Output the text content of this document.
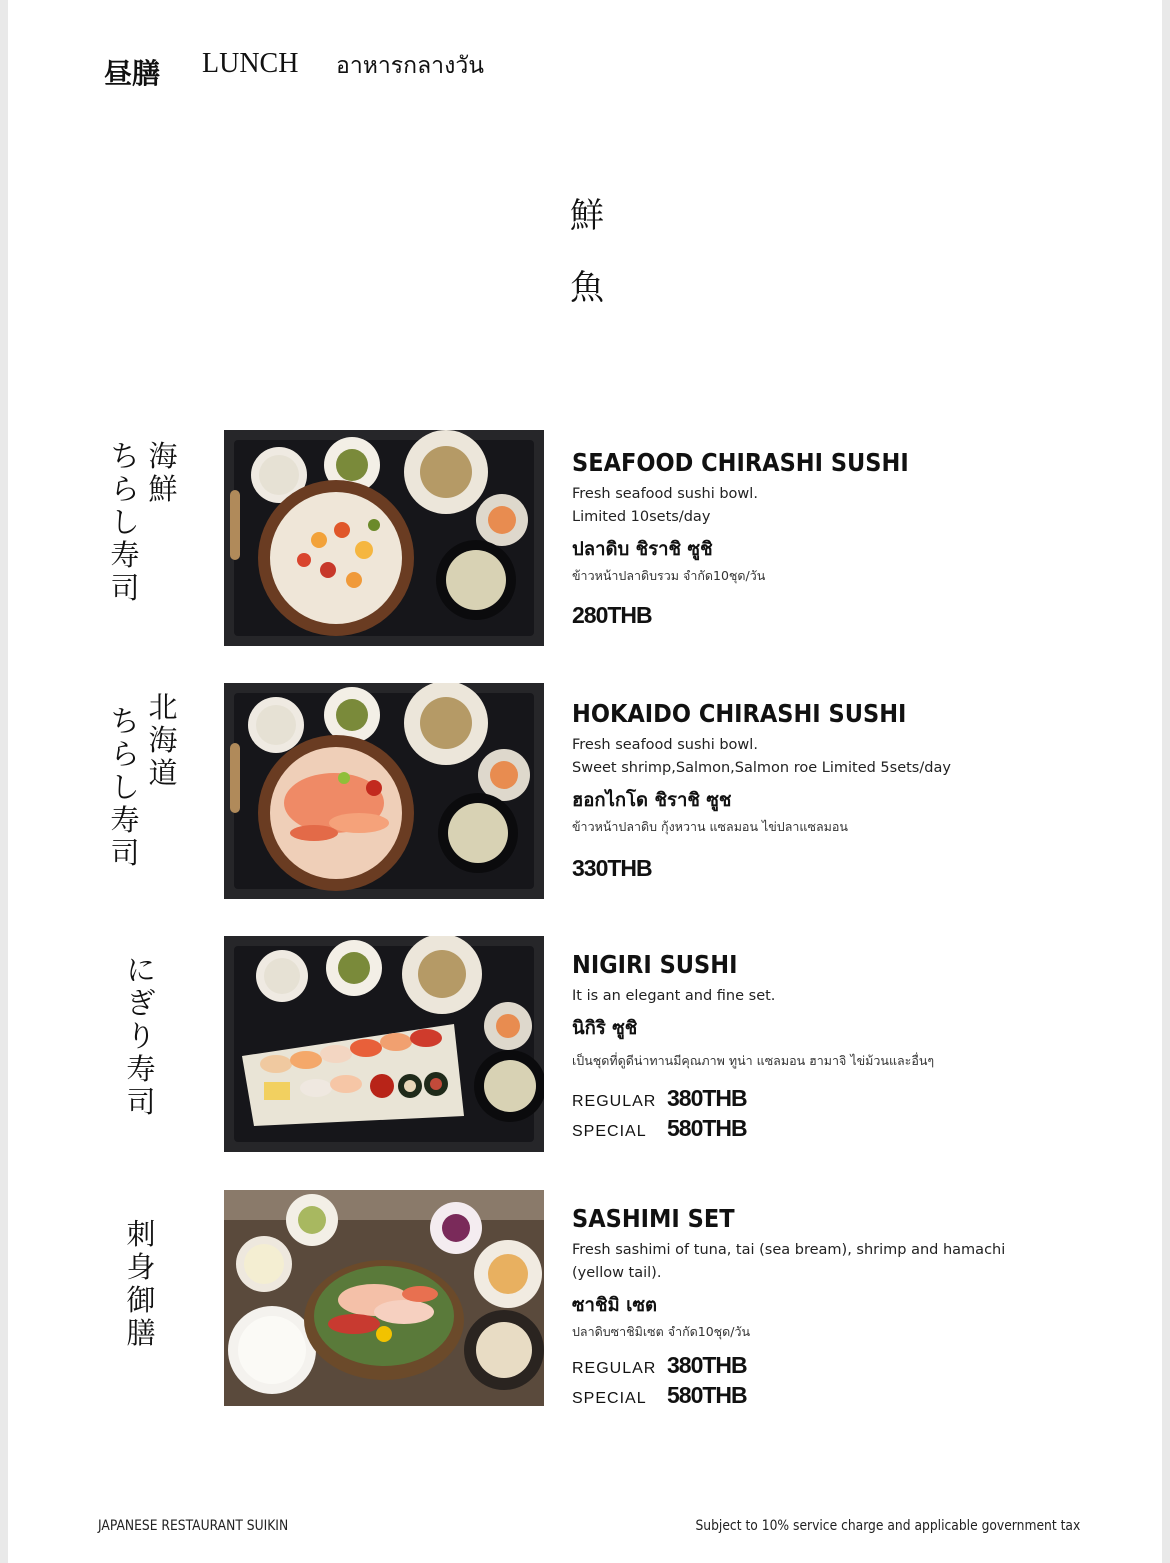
昼膳 LUNCH อาหารกลางวัน
鮮
魚
海
鮮
ち
ら
し
寿
司
SEAFOOD CHIRASHI SUSHI
Fresh seafood sushi bowl.
Limited 10sets/day
ปลาดิบ ชิราชิ ซูชิ
ข้าวหน้าปลาดิบรวม จำกัด10ชุด/วัน
280THB
北
海
道
ち
ら
し
寿
司
HOKAIDO CHIRASHI SUSHI
Fresh seafood sushi bowl.
Sweet shrimp,Salmon,Salmon roe Limited 5sets/day
ฮอกไกโด ชิราชิ ซูช
ข้าวหน้าปลาดิบ กุ้งหวาน แซลมอน ไข่ปลาแซลมอน
330THB
に
ぎ
り
寿
司
NIGIRI SUSHI
It is an elegant and fine set.
นิกิริ ซูชิ
เป็นชุดที่ดูดีน่าทานมีคุณภาพ ทูน่า แซลมอน ฮามาจิ ไข่ม้วนและอื่นๆ
REGULAR 380THB
SPECIAL 580THB
刺
身
御
膳
SASHIMI SET
Fresh sashimi of tuna, tai (sea bream), shrimp and hamachi
(yellow tail).
ซาชิมิ เซต
ปลาดิบซาชิมิเซต จำกัด10ชุด/วัน
REGULAR 380THB
SPECIAL 580THB
JAPANESE RESTAURANT SUIKIN	Subject to 10% service charge and applicable government tax
